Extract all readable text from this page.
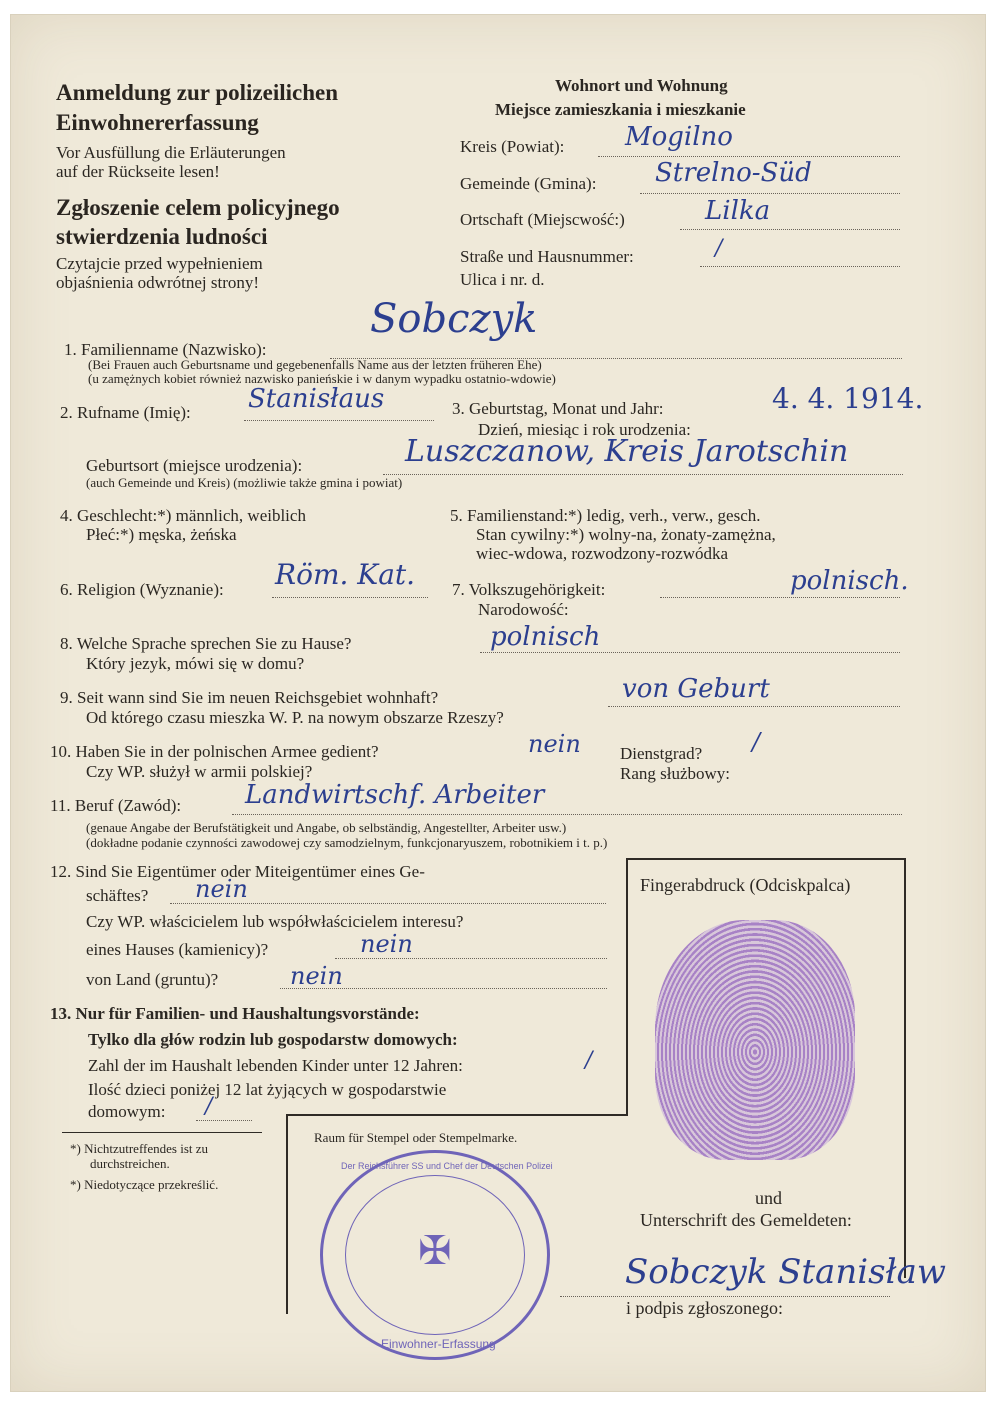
Anmeldung zur polizeilichen
Einwohnererfassung
Vor Ausfüllung die Erläuterungen
auf der Rückseite lesen!
Zgłoszenie celem policyjnego
stwierdzenia ludności
Czytajcie przed wypełnieniem
objaśnienia odwrótnej strony!
Wohnort und Wohnung
Miejsce zamieszkania i mieszkanie
Kreis (Powiat): Mogilno
Gemeinde (Gmina): Strelno-Süd
Ortschaft (Miejscwość:)	Lilka
Straße und Hausnummer:	/
Ulica i nr. d.
1. Familienname (Nazwisko):
Sobczyk
(Bei Frauen auch Geburtsname und gegebenenfalls Name aus der letzten früheren Ehe)
(u zamężnych kobiet również nazwisko panieńskie i w danym wypadku ostatnio-wdowie)
2. Rufname (Imię): Stanisłaus	3. Geburtstag, Monat und Jahr:
Dzień, miesiąc i rok urodzenia:
4. 4. 1914.
Geburtsort (miejsce urodzenia):	Luszczanow, Kreis Jarotschin
(auch Gemeinde und Kreis) (możliwie także gmina i powiat)
4. Geschlecht:*) männlich, weiblich
Płeć:*) męska, żeńska
5. Familienstand:*) ledig, verh., verw., gesch.
Stan cywilny:*) wolny-na, żonaty-zamężna,
wiec-wdowa, rozwodzony-rozwódka
6. Religion (Wyznanie): Röm. Kat. 7. Volkszugehörigkeit:
Narodowość:
polnisch.
8. Welche Sprache sprechen Sie zu Hause?
Który jezyk, mówi się w domu?
polnisch
9. Seit wann sind Sie im neuen Reichsgebiet wohnhaft?
Od którego czasu mieszka W. P. na nowym obszarze Rzeszy?
von Geburt
10. Haben Sie in der polnischen Armee gedient?
Czy WP. służył w armii polskiej?
nein Dienstgrad?
Rang służbowy:
/
11. Beruf (Zawód): Landwirtschf. Arbeiter
(genaue Angabe der Berufstätigkeit und Angabe, ob selbständig, Angestellter, Arbeiter usw.)
(dokładne podanie czynności zawodowej czy samodzielnym, funkcjonaryuszem, robotnikiem i t. p.)
12. Sind Sie Eigentümer oder Miteigentümer eines Ge-
schäftes? nein
Czy WP. właścicielem lub współwłaścicielem interesu?
eines Hauses (kamienicy)?	nein
von Land (gruntu)?	nein
13. Nur für Familien- und Haushaltungsvorstände:
Tylko dla głów rodzin lub gospodarstw domowych:
Zahl der im Haushalt lebenden Kinder unter 12 Jahren:	/
Ilość dzieci poniżej 12 lat żyjących w gospodarstwie
domowym: /
*) Nichtzutreffendes ist zu
durchstreichen.
*) Niedotyczące przekreślić.
Fingerabdruck (Odciskpalca)
und
Unterschrift des Gemeldeten:
Sobczyk Stanisław
i podpis zgłoszonego:
Raum für Stempel oder Stempelmarke.
✠
Der Reichsführer SS und Chef der Deutschen Polizei
Einwohner-Erfassung
